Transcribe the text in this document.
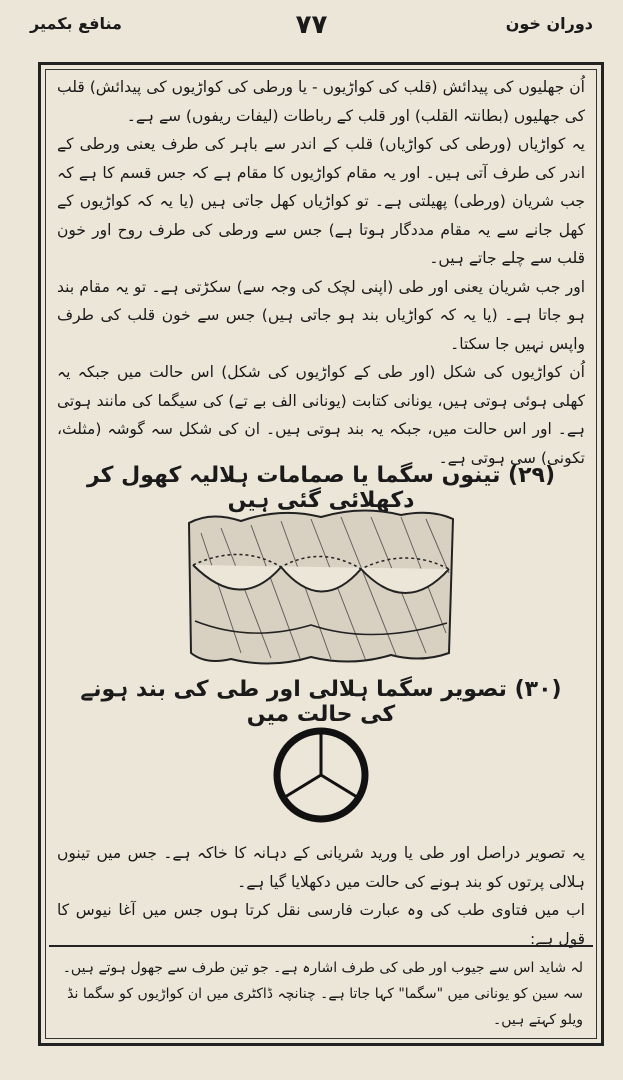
دوران خون
٧٧
منافع بکمیر

اُن جھلیوں کی پیدائش (قلب کی کواڑیوں - یا ورطی کی کواڑیوں کی پیدائش) قلب کی جھلیوں (بطانتہ القلب) اور قلب کے رباطات (لیفات ریفوں) سے ہے۔

یہ کواڑیاں (ورطی کی کواڑیاں) قلب کے اندر سے باہر کی طرف یعنی ورطی کے اندر کی طرف آتی ہیں۔ اور یہ مقام کواڑیوں کا مقام ہے کہ جس قسم کا ہے کہ جب شریان (ورطی) پھیلتی ہے۔ تو کواڑیاں کھل جاتی ہیں (یا یہ کہ کواڑیوں کے کھل جانے سے یہ مقام مددگار ہوتا ہے) جس سے ورطی کی طرف روح اور خون قلب سے چلے جاتے ہیں۔

اور جب شریان یعنی اور طی (اپنی لچک کی وجہ سے) سکڑتی ہے۔ تو یہ مقام بند ہو جاتا ہے۔ (یا یہ کہ کواڑیاں بند ہو جاتی ہیں) جس سے خون قلب کی طرف واپس نہیں جا سکتا۔

اُن کواڑیوں کی شکل (اور طی کے کواڑیوں کی شکل) اس حالت میں جبکہ یہ کھلی ہوئی ہوتی ہیں، یونانی کتابت (یونانی الف بے تے) کی سیگما کی مانند ہوتی ہے۔ اور اس حالت میں، جبکہ یہ بند ہوتی ہیں۔ ان کی شکل سہ گوشہ (مثلث، تکونی) سی ہوتی ہے۔

(۲۹) تینوں سگما یا صمامات ہلالیہ کھول کر دکھلائی گئی ہیں
(۳۰) تصویر سگما ہلالی اور طی کی بند ہونے کی حالت میں

یہ تصویر دراصل اور طی یا ورید شریانی کے دہانہ کا خاکہ ہے۔ جس میں تینوں ہلالی پرتوں کو بند ہونے کی حالت میں دکھلایا گیا ہے۔

اب میں فتاوی طب کی وہ عبارت فارسی نقل کرتا ہوں جس میں آغا نیوس کا قول ہے:

لہ شاید اس سے جیوب اور طی کی طرف اشارہ ہے۔ جو تین طرف سے جھول ہوتے ہیں۔

سہ سین کو یونانی میں "سگما" کہا جاتا ہے۔ چنانچہ ڈاکٹری میں ان کواڑیوں کو سگما نڈ ویلو کہتے ہیں۔
